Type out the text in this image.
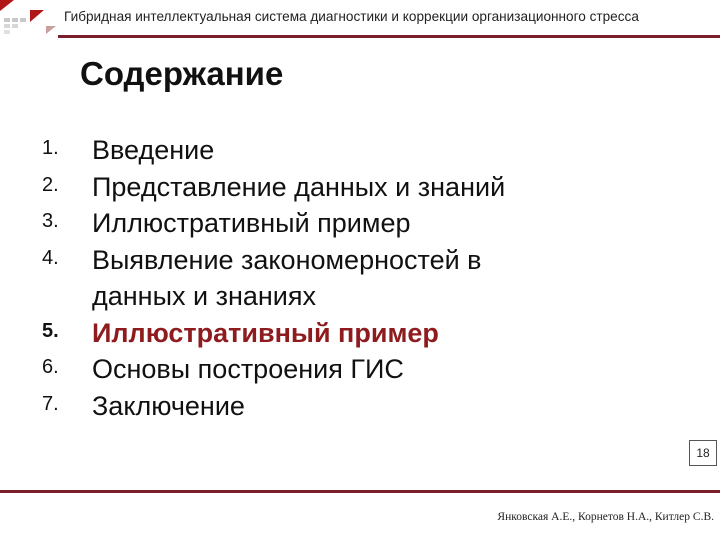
Гибридная интеллектуальная система диагностики и коррекции организационного стресса
Содержание
1. Введение
2. Представление данных и знаний
3. Иллюстративный пример
4. Выявление закономерностей в
данных и знаниях
5. Иллюстративный пример
6. Основы построения ГИС
7. Заключение
18
Янковская А.Е., Корнетов Н.А., Китлер С.В.
